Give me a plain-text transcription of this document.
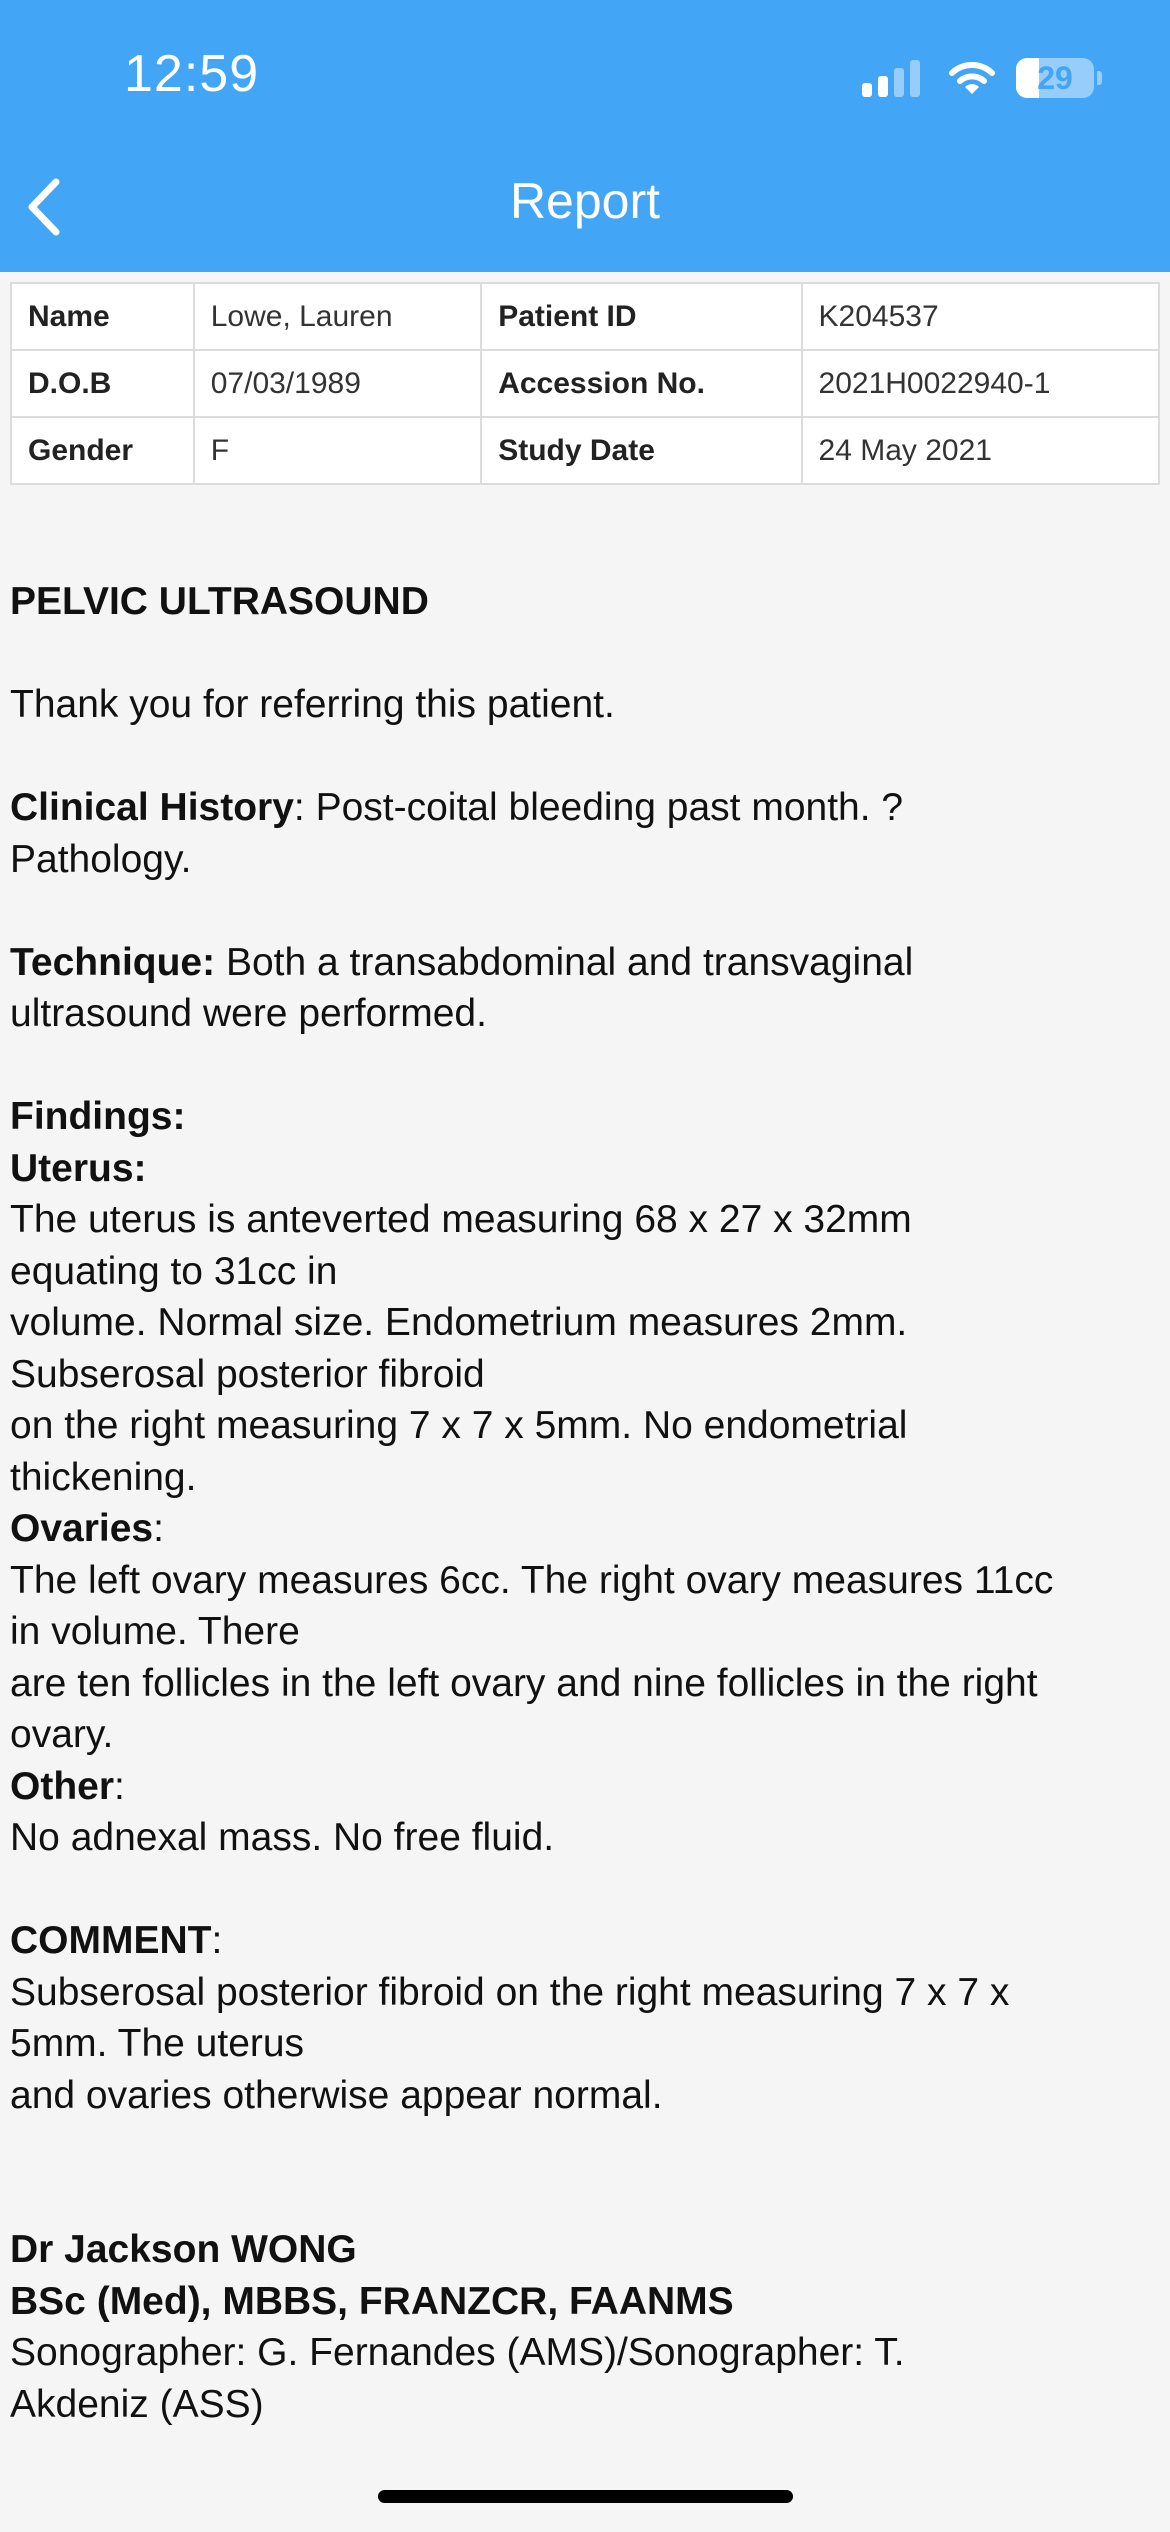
12:59	29
Report
Name	Lowe, Lauren	Patient ID	K204537
D.O.B	07/03/1989	Accession No.	2021H0022940-1
Gender	F	Study Date	24 May 2021

PELVIC ULTRASOUND

Thank you for referring this patient.

Clinical History: Post-coital bleeding past month. ?

Pathology.

Technique: Both a transabdominal and transvaginal

ultrasound were performed.

Findings:

Uterus:

The uterus is anteverted measuring 68 x 27 x 32mm

equating to 31cc in

volume. Normal size. Endometrium measures 2mm.

Subserosal posterior fibroid

on the right measuring 7 x 7 x 5mm. No endometrial

thickening.

Ovaries:

The left ovary measures 6cc. The right ovary measures 11cc

in volume. There

are ten follicles in the left ovary and nine follicles in the right

ovary.

Other:

No adnexal mass. No free fluid.

COMMENT:

Subserosal posterior fibroid on the right measuring 7 x 7 x

5mm. The uterus

and ovaries otherwise appear normal.

Dr Jackson WONG

BSc (Med), MBBS, FRANZCR, FAANMS

Sonographer: G. Fernandes (AMS)/Sonographer: T.

Akdeniz (ASS)
